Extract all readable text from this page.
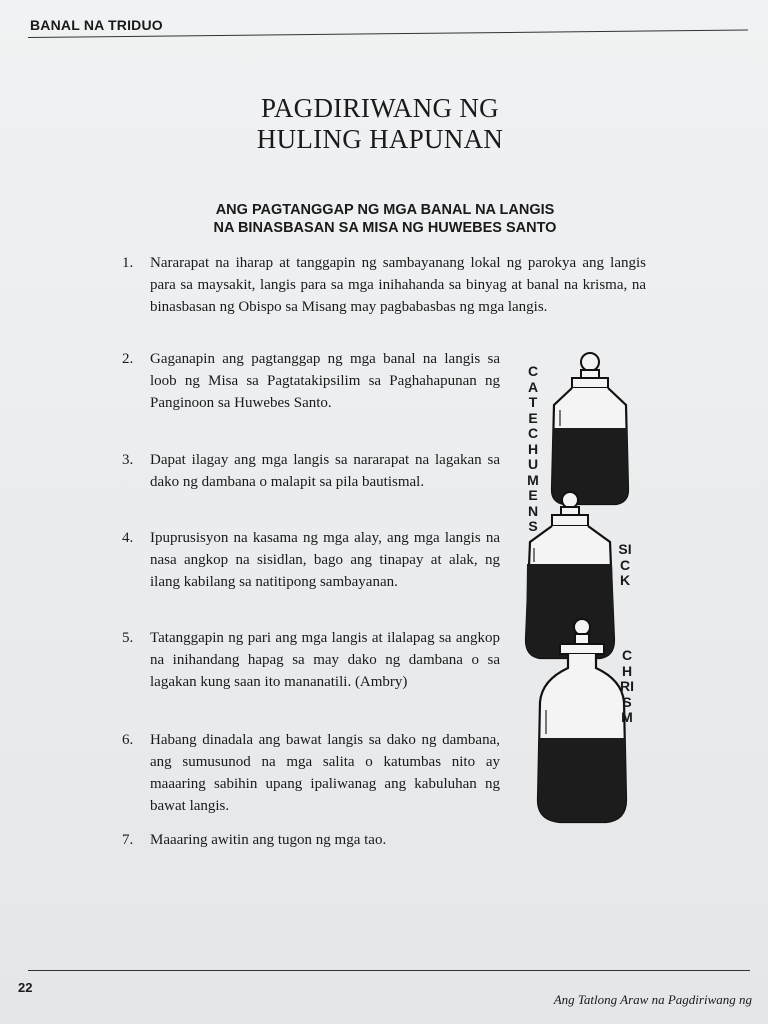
BANAL NA TRIDUO
PAGDIRIWANG NG
HULING HAPUNAN
ANG PAGTANGGAP NG MGA BANAL NA LANGIS
NA BINASBASAN SA MISA NG HUWEBES SANTO
1.	Nararapat na iharap at tanggapin ng sambayanang lokal ng parokya ang langis para sa maysakit, langis para sa mga inihahanda sa binyag at banal na krisma, na binasbasan ng Obispo sa Misang may pagbabasbas ng mga langis.
2.	Gaganapin ang pagtanggap ng mga banal na langis sa loob ng Misa sa Pagtatakipsilim sa Paghahapunan ng Panginoon sa Huwebes Santo.
3.	Dapat ilagay ang mga langis sa nararapat na lagakan sa dako ng dambana o malapit sa pila bautismal.
4.	Ipuprusisyon na kasama ng mga alay, ang mga langis na nasa angkop na sisidlan, bago ang tinapay at alak, ng ilang kabilang sa natitipong sambayanan.
5.	Tatanggapin ng pari ang mga langis at ilalapag sa angkop na inihandang hapag sa may dako ng dambana o sa lagakan kung saan ito mananatili. (Ambry)
6.	Habang dinadala ang bawat langis sa dako ng dambana, ang sumusunod na mga salita o katumbas nito ay maaaring sabihin upang ipaliwanag ang kabuluhan ng bawat langis.
7.	Maaaring awitin ang tugon ng mga tao.
CATECHUMENS
SICK
CHRISM
22
Ang Tatlong Araw na Pagdiriwang ng
